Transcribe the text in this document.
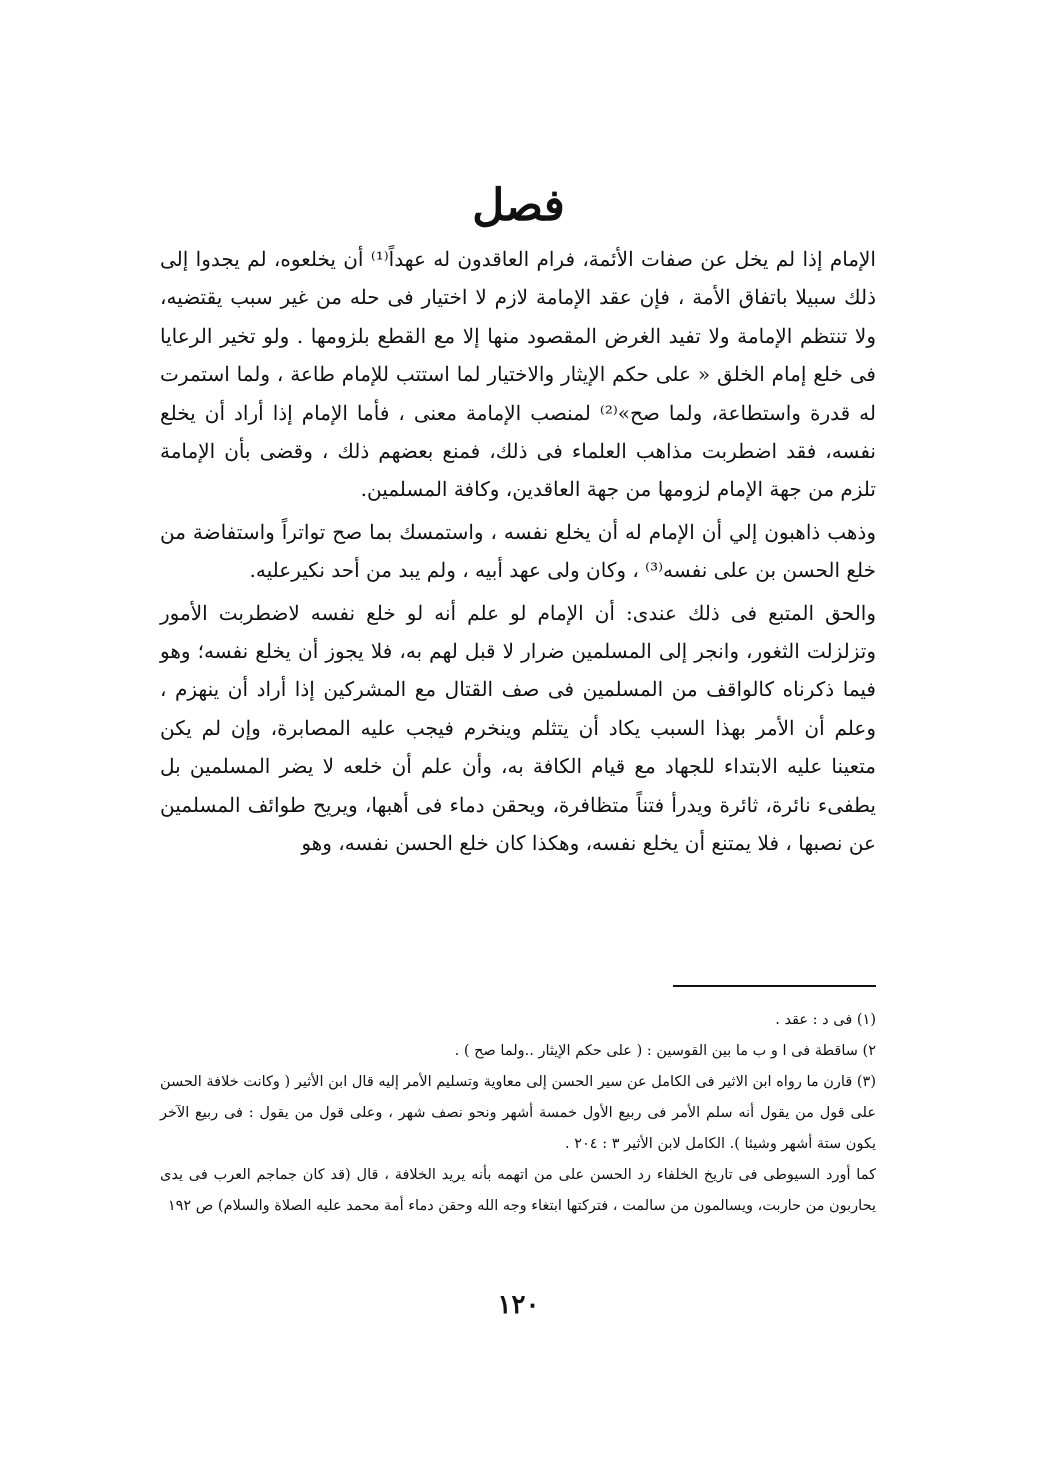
فصل

الإمام إذا لم يخل عن صفات الأئمة، فرام العاقدون له عهداً⁽¹⁾ أن يخلعوه، لم يجدوا إلى ذلك سبيلا باتفاق الأمة ، فإن عقد الإمامة لازم لا اختيار فى حله من غير سبب يقتضيه، ولا تنتظم الإمامة ولا تفيد الغرض المقصود منها إلا مع القطع بلزومها . ولو تخير الرعايا فى خلع إمام الخلق « على حكم الإيثار والاختيار لما استتب للإمام طاعة ، ولما استمرت له قدرة واستطاعة، ولما صح»⁽²⁾ لمنصب الإمامة معنى ، فأما الإمام إذا أراد أن يخلع نفسه، فقد اضطربت مذاهب العلماء فى ذلك، فمنع بعضهم ذلك ، وقضى بأن الإمامة تلزم من جهة الإمام لزومها من جهة العاقدين، وكافة المسلمين.

وذهب ذاهبون إلي أن الإمام له أن يخلع نفسه ، واستمسك بما صح تواتراً واستفاضة من خلع الحسن بن على نفسه⁽³⁾ ، وكان ولى عهد أبيه ، ولم يبد من أحد نكيرعليه.

والحق المتبع فى ذلك عندى: أن الإمام لو علم أنه لو خلع نفسه لاضطربت الأمور وتزلزلت الثغور، وانجر إلى المسلمين ضرار لا قبل لهم به، فلا يجوز أن يخلع نفسه؛ وهو فيما ذكرناه كالواقف من المسلمين فى صف القتال مع المشركين إذا أراد أن ينهزم ، وعلم أن الأمر بهذا السبب يكاد أن يتثلم وينخرم فيجب عليه المصابرة، وإن لم يكن متعينا عليه الابتداء للجهاد مع قيام الكافة به، وأن علم أن خلعه لا يضر المسلمين بل يطفىء نائرة، ثائرة ويدرأ فتناً متظافرة، ويحقن دماء فى أهبها، ويريح طوائف المسلمين عن نصبها ، فلا يمتنع أن يخلع نفسه، وهكذا كان خلع الحسن نفسه، وهو

(١) فى د : عقد .

٢) ساقطة فى ا و ب ما بين القوسين : ( على حكم الإيثار ..ولما صح ) .

(٣) قارن ما رواه ابن الاثير فى الكامل عن سير الحسن إلى معاوية وتسليم الأمر إليه قال ابن الأثير ( وكانت خلافة الحسن على قول من يقول أنه سلم الأمر فى ربيع الأول خمسة أشهر ونحو نصف شهر ، وعلى قول من يقول : فى ربيع الآخر يكون ستة أشهر وشيئا ). الكامل لابن الأثير ٣ : ٢٠٤ .

كما أورد السيوطى فى تاريخ الخلفاء رد الحسن على من اتهمه بأنه يريد الخلافة ، قال (قد كان جماجم العرب فى يدى يحاربون من حاربت، ويسالمون من سالمت ، فتركتها ابتغاء وجه الله وحقن دماء أمة محمد عليه الصلاة والسلام) ص ١٩٢

١٢٠
